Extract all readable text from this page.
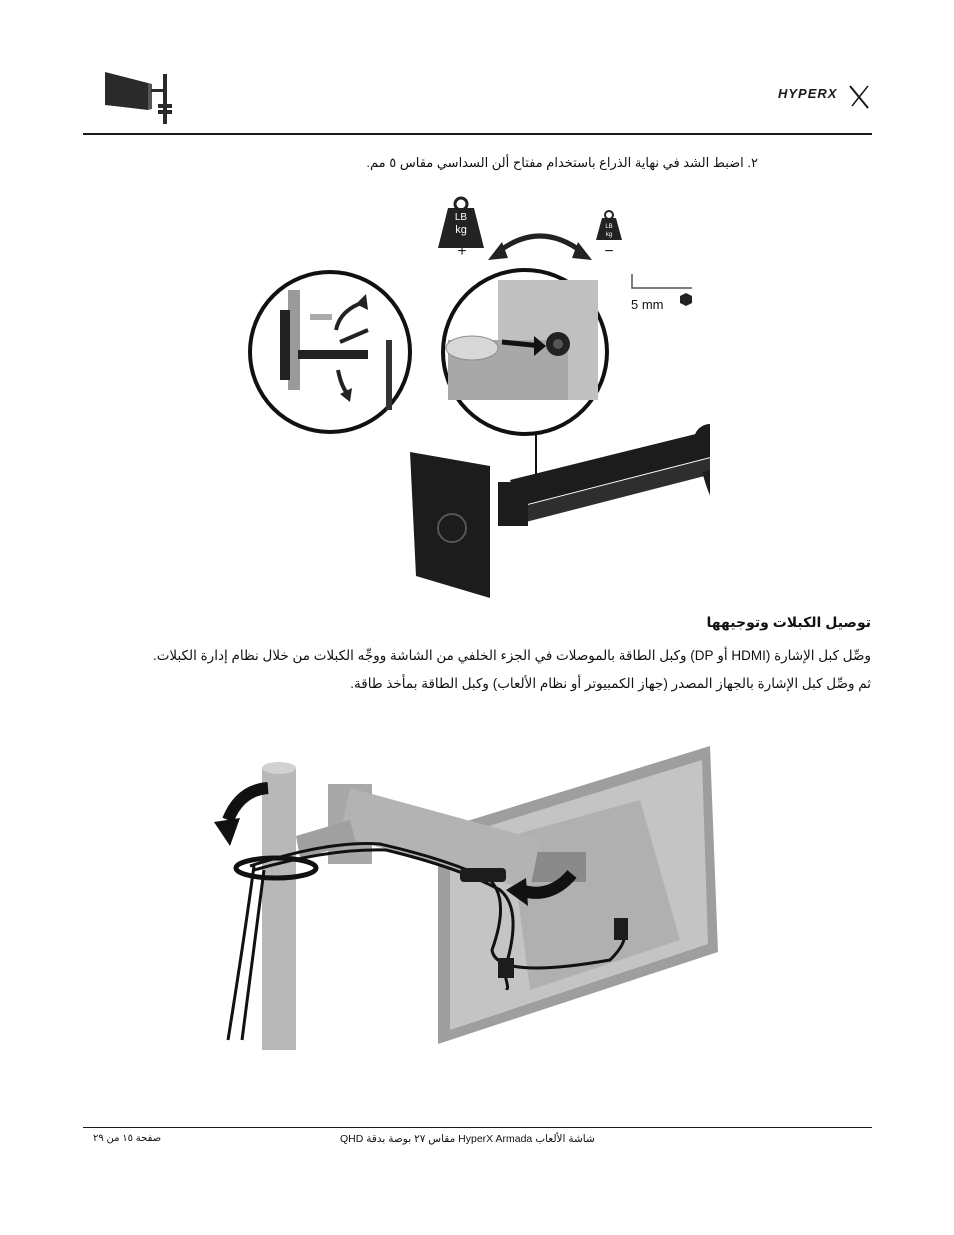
HYPERX
٢. اضبط الشد في نهاية الذراع باستخدام مفتاح ألن السداسي مقاس ٥ مم.
LB
kg
+
LB
kg
−
5 mm
توصيل الكبلات وتوجيهها
وصِّل كبل الإشارة (HDMI أو DP) وكبل الطاقة بالموصلات في الجزء الخلفي من الشاشة ووجِّه الكبلات من خلال نظام إدارة الكبلات.
ثم وصِّل كبل الإشارة بالجهاز المصدر (جهاز الكمبيوتر أو نظام الألعاب) وكبل الطاقة بمأخذ طاقة.
صفحة ١٥ من ٢٩	شاشة الألعاب HyperX Armada مقاس ٢٧ بوصة بدقة QHD
